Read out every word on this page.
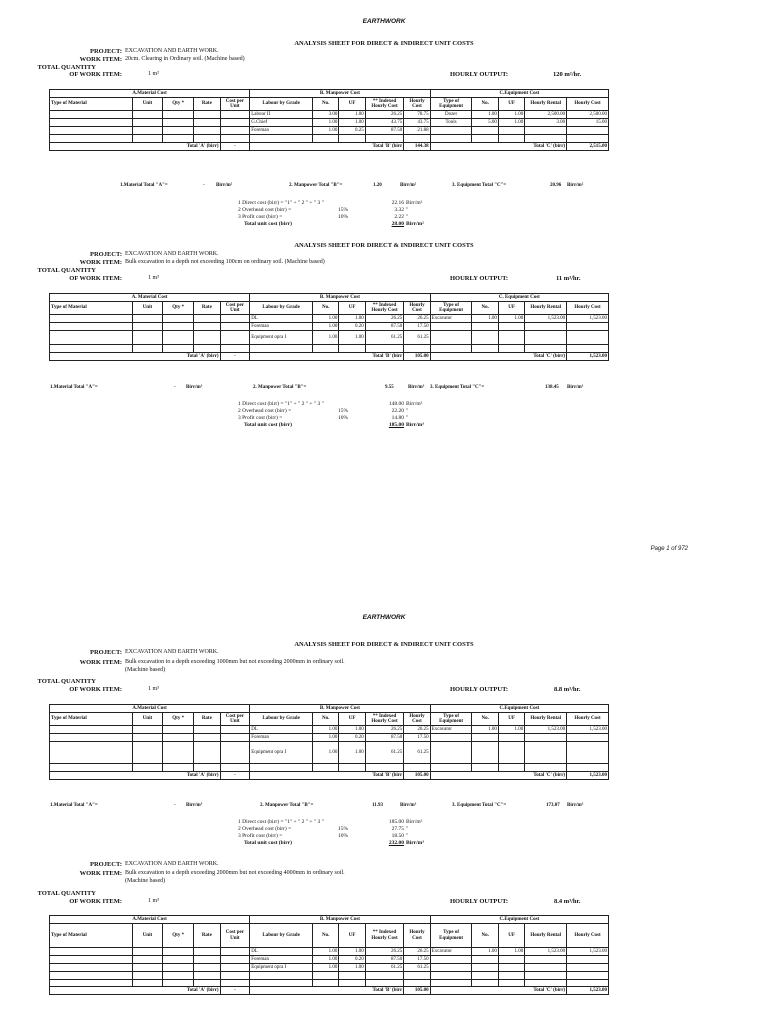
EARTHWORK
ANALYSIS SHEET FOR DIRECT & INDIRECT UNIT COSTS
PROJECT: EXCAVATION AND EARTH WORK.
WORK ITEM: 20cm. Clearing in Ordinary soil. (Machine based)
TOTAL QUANTITY
OF WORK ITEM:	1 m²	HOURLY OUTPUT:	120 m²/hr.
A.Material Cost					B. Manpower Cost					C.Equipment Cost				
Type of Material	Unit	Qty *	Rate	Cost per Unit	Labour by Grade	No.	UF	** Indexed Hourly Cost	Hourly Cost	Type of Equipment	No.	UF	Hourly Rental	Hourly Cost
					Labour II	3.00	1.00	26.25	78.75	Dozer	1.00	1.00	2,500.00	2,500.00
					G.Chief	1.00	1.00	43.75	43.75	Tools	5.00	1.00	3.00	15.00
					Foreman	1.00	0.25	87.50	21.88					

Total 'A' (birr)				-	Total 'B' (birr				144.38	Total 'C' (birr)				2,515.00
1.Material Total "A"=	- Birr/m²	2. Manpower Total "B"=	1.20	Birr/m²	3. Equipment Total "C"=	20.96 Birr/m²
1 Direct cost (birr) = "1" + " 2 " + " 3 "	22.16 Birr/m²
2 Overhead cost (birr) =	15%	3.32 "
3 Profit cost (birr) =	10%	2.22 "
Total unit cost (birr)	28.00 Birr/m²
ANALYSIS SHEET FOR DIRECT & INDIRECT UNIT COSTS
PROJECT: EXCAVATION AND EARTH WORK.
WORK ITEM: Bulk excavation to a depth not exceeding 100cm on ordinary soil. (Machine based)
TOTAL QUANTITY
OF WORK ITEM:	1 m³	HOURLY OUTPUT:	11 m³/hr.
A. Material Cost					B. Manpower Cost					C. Equipment Cost				
Type of Material	Unit	Qty *	Rate	Cost per Unit	Labour by Grade	No.	UF	** Indexed Hourly Cost	Hourly Cost	Type of Equipment	No.	UF	Hourly Rental	Hourly Cost
					DL	1.00	1.00	26.25	26.25	Excavator	1.00	1.00	1,523.00	1,523.00
					Foreman	1.00	0.20	87.50	17.50					
					Equipment opra I	1.00	1.00	61.25	61.25					

Total 'A' (birr)				-	Total 'B' (birr				105.00	Total 'C' (birr)				1,523.00
1.Material Total "A"=	- Birr/m³	2. Manpower Total "B"=	9.55	Birr/m³ 3. Equipment Total "C"=	138.45 Birr/m³
1 Direct cost (birr) = "1" + " 2 " + " 3 "	148.00 Birr/m³
2 Overhead cost (birr) =	15%	22.20 "
3 Profit cost (birr) =	10%	14.80 "
Total unit cost (birr)	185.00 Birr/m³
Page 1 of 972
EARTHWORK
ANALYSIS SHEET FOR DIRECT & INDIRECT UNIT COSTS
PROJECT: EXCAVATION AND EARTH WORK.
WORK ITEM: Bulk excavation to a depth exceeding 1000mm but not exceeding 2000mm in ordinary soil.
(Machine based)
TOTAL QUANTITY
OF WORK ITEM:	1 m³	HOURLY OUTPUT:	8.8 m³/hr.
A.Material Cost					B. Manpower Cost					C.Equipment Cost				
Type of Material	Unit	Qty *	Rate	Cost per Unit	Labour by Grade	No.	UF	** Indexed Hourly Cost	Hourly Cost	Type of Equipment	No.	UF	Hourly Rental	Hourly Cost
					DL	1.00	1.00	26.25	26.25	Excavator	1.00	1.00	1,523.00	1,523.00
					Foreman	1.00	0.20	87.50	17.50					
					Equipment opra I	1.00	1.00	61.25	61.25					

Total 'A' (birr)				-	Total 'B' (birr				105.00	Total 'C' (birr)				1,523.00
1.Material Total "A"=	- Birr/m³	2. Manpower Total "B"=	11.93	Birr/m³	3. Equipment Total "C"=	173.07 Birr/m³
1 Direct cost (birr) = "1" + " 2 " + " 3 "	185.00 Birr/m³
2 Overhead cost (birr) =	15%	27.75 "
3 Profit cost (birr) =	10%	18.50 "
Total unit cost (birr)	232.00 Birr/m³
PROJECT: EXCAVATION AND EARTH WORK.
WORK ITEM: Bulk excavation to a depth exceeding 2000mm but not exceeding 4000mm in ordinary soil.
(Machine based)
TOTAL QUANTITY
OF WORK ITEM:	1 m³	HOURLY OUTPUT:	8.4 m³/hr.
A.Material Cost					B. Manpower Cost					C.Equipment Cost				
Type of Material	Unit	Qty *	Rate	Cost per Unit	Labour by Grade	No.	UF	** Indexed Hourly Cost	Hourly Cost	Type of Equipment	No.	UF	Hourly Rental	Hourly Cost
					DL	1.00	1.00	26.25	26.25	Excavator	1.00	1.00	1,523.00	1,523.00
					Foreman	1.00	0.20	87.50	17.50					
					Equipment opra I	1.00	1.00	61.25	61.25					

Total 'A' (birr)				-	Total 'B' (birr				105.00	Total 'C' (birr)				1,523.00
